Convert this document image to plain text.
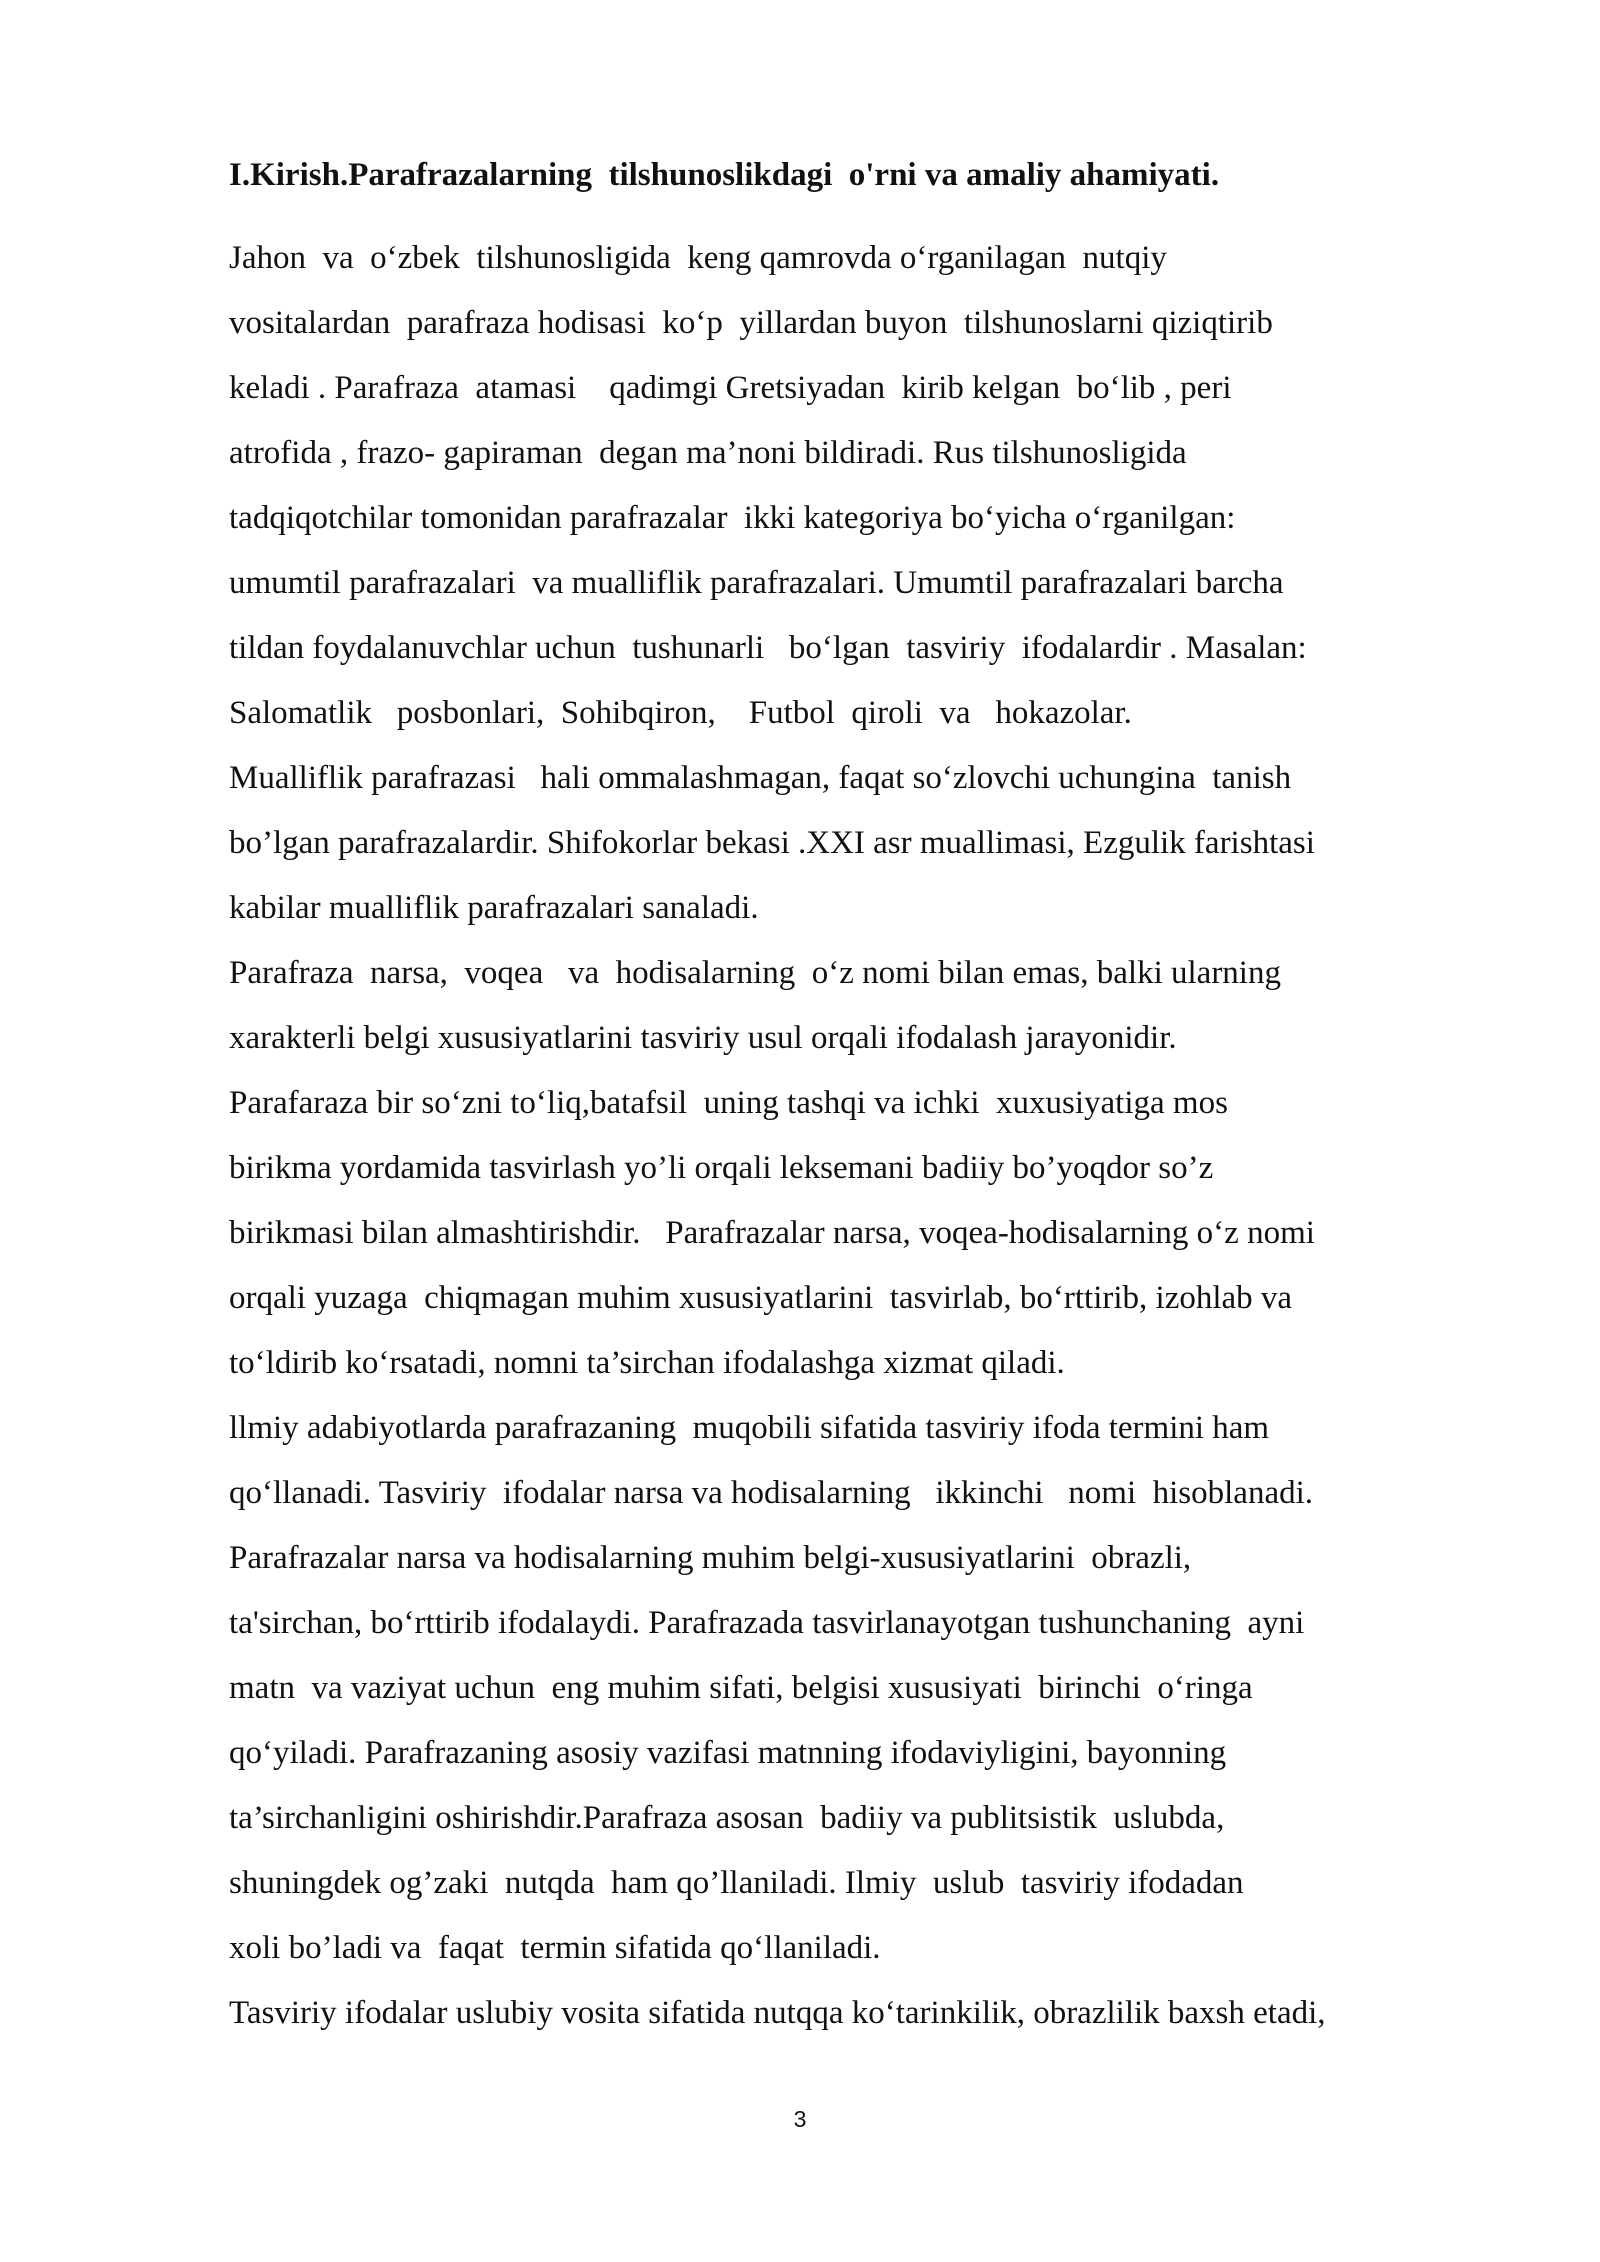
I.Kirish.Parafrazalarning  tilshunoslikdagi  o'rni va amaliy ahamiyati.
Jahon  va  o‘zbek  tilshunosligida  keng qamrovda o‘rganilagan  nutqiy
vositalardan  parafraza hodisasi  ko‘p  yillardan buyon  tilshunoslarni qiziqtirib
keladi . Parafraza  atamasi    qadimgi Gretsiyadan  kirib kelgan  bo‘lib , peri
atrofida , frazo- gapiraman  degan ma’noni bildiradi. Rus tilshunosligida
tadqiqotchilar tomonidan parafrazalar  ikki kategoriya bo‘yicha o‘rganilgan:
umumtil parafrazalari  va mualliflik parafrazalari. Umumtil parafrazalari barcha
tildan foydalanuvchlar uchun  tushunarli   bo‘lgan  tasviriy  ifodalardir . Masalan:
Salomatlik   posbonlari,  Sohibqiron,    Futbol  qiroli  va   hokazolar.
Mualliflik parafrazasi   hali ommalashmagan, faqat so‘zlovchi uchungina  tanish
bo’lgan parafrazalardir. Shifokorlar bekasi .XXI asr muallimasi, Ezgulik farishtasi
kabilar mualliflik parafrazalari sanaladi.
Parafraza  narsa,  voqea   va  hodisalarning  o‘z nomi bilan emas, balki ularning
xarakterli belgi xususiyatlarini tasviriy usul orqali ifodalash jarayonidir.
Parafaraza bir so‘zni to‘liq,batafsil  uning tashqi va ichki  xuxusiyatiga mos
birikma yordamida tasvirlash yo’li orqali leksemani badiiy bo’yoqdor so’z
birikmasi bilan almashtirishdir.   Parafrazalar narsa, voqea-hodisalarning o‘z nomi
orqali yuzaga  chiqmagan muhim xususiyatlarini  tasvirlab, bo‘rttirib, izohlab va
to‘ldirib ko‘rsatadi, nomni ta’sirchan ifodalashga xizmat qiladi.
llmiy adabiyotlarda parafrazaning  muqobili sifatida tasviriy ifoda termini ham
qo‘llanadi. Tasviriy  ifodalar narsa va hodisalarning   ikkinchi   nomi  hisoblanadi.
Parafrazalar narsa va hodisalarning muhim belgi-xususiyatlarini  obrazli,
ta'sirchan, bo‘rttirib ifodalaydi. Parafrazada tasvirlanayotgan tushunchaning  ayni
matn  va vaziyat uchun  eng muhim sifati, belgisi xususiyati  birinchi  o‘ringa
qo‘yiladi. Parafrazaning asosiy vazifasi matnning ifodaviyligini, bayonning
ta’sirchanligini oshirishdir.Parafraza asosan  badiiy va publitsistik  uslubda,
shuningdek og’zaki  nutqda  ham qo’llaniladi. Ilmiy  uslub  tasviriy ifodadan
xoli bo’ladi va  faqat  termin sifatida qo‘llaniladi.
Tasviriy ifodalar uslubiy vosita sifatida nutqqa ko‘tarinkilik, obrazlilik baxsh etadi,
3
